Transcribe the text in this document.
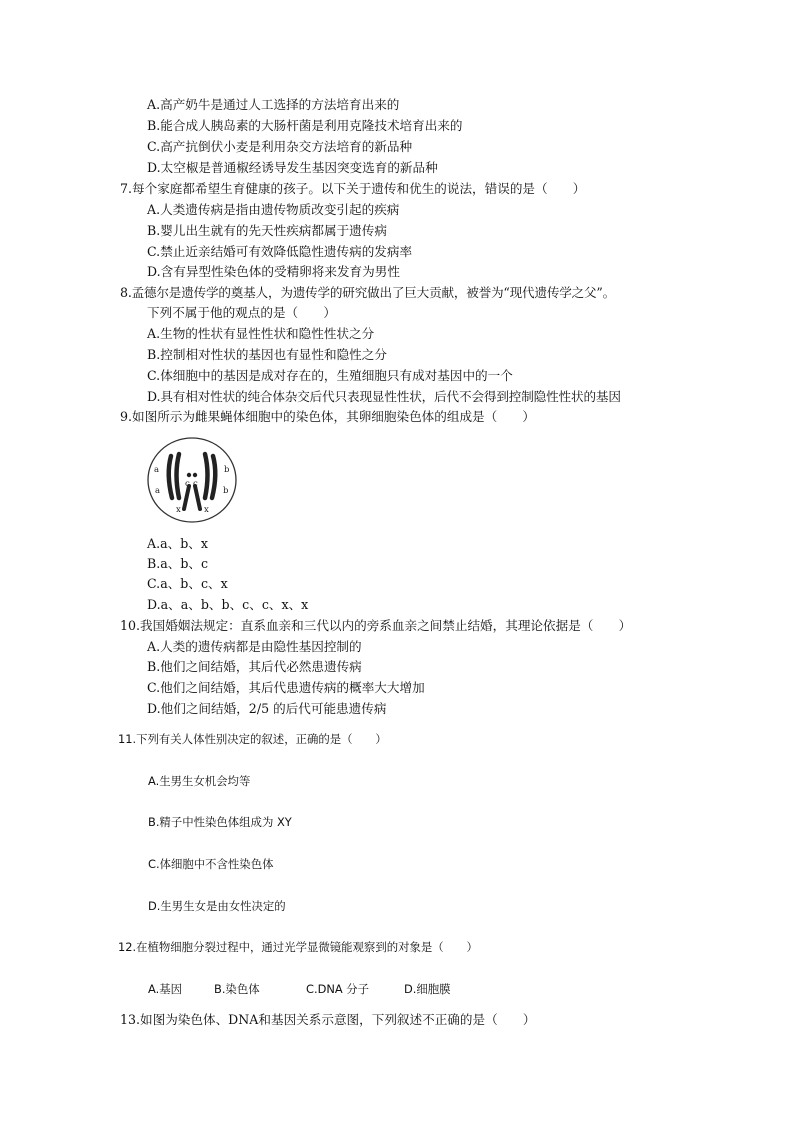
A.高产奶牛是通过人工选择的方法培育出来的
B.能合成人胰岛素的大肠杆菌是利用克隆技术培育出来的
C.高产抗倒伏小麦是利用杂交方法培育的新品种
D.太空椒是普通椒经诱导发生基因突变选育的新品种
7.每个家庭都希望生育健康的孩子。以下关于遗传和优生的说法，错误的是（　　）
A.人类遗传病是指由遗传物质改变引起的疾病
B.婴儿出生就有的先天性疾病都属于遗传病
C.禁止近亲结婚可有效降低隐性遗传病的发病率
D.含有异型性染色体的受精卵将来发育为男性
8.孟德尔是遗传学的奠基人，为遗传学的研究做出了巨大贡献，被誉为“现代遗传学之父”。
下列不属于他的观点的是（　　）
A.生物的性状有显性性状和隐性性状之分
B.控制相对性状的基因也有显性和隐性之分
C.体细胞中的基因是成对存在的，生殖细胞只有成对基因中的一个
D.具有相对性状的纯合体杂交后代只表现显性性状，后代不会得到控制隐性性状的基因
9.如图所示为雌果蝇体细胞中的染色体，其卵细胞染色体的组成是（　　）
a
a
b
b
c c
x	x
A.a、b、x
B.a、b、c
C.a、b、c、x
D.a、a、b、b、c、c、x、x
10.我国婚姻法规定：直系血亲和三代以内的旁系血亲之间禁止结婚，其理论依据是（　　）
A.人类的遗传病都是由隐性基因控制的
B.他们之间结婚，其后代必然患遗传病
C.他们之间结婚，其后代患遗传病的概率大大增加
D.他们之间结婚，2/5 的后代可能患遗传病
11.下列有关人体性别决定的叙述，正确的是（　　）
A.生男生女机会均等
B.精子中性染色体组成为 XY
C.体细胞中不含性染色体
D.生男生女是由女性决定的
12.在植物细胞分裂过程中，通过光学显微镜能观察到的对象是（　　）
A.基因	B.染色体	C.DNA 分子	D.细胞膜
13.如图为染色体、DNA和基因关系示意图，下列叙述不正确的是（　　）
